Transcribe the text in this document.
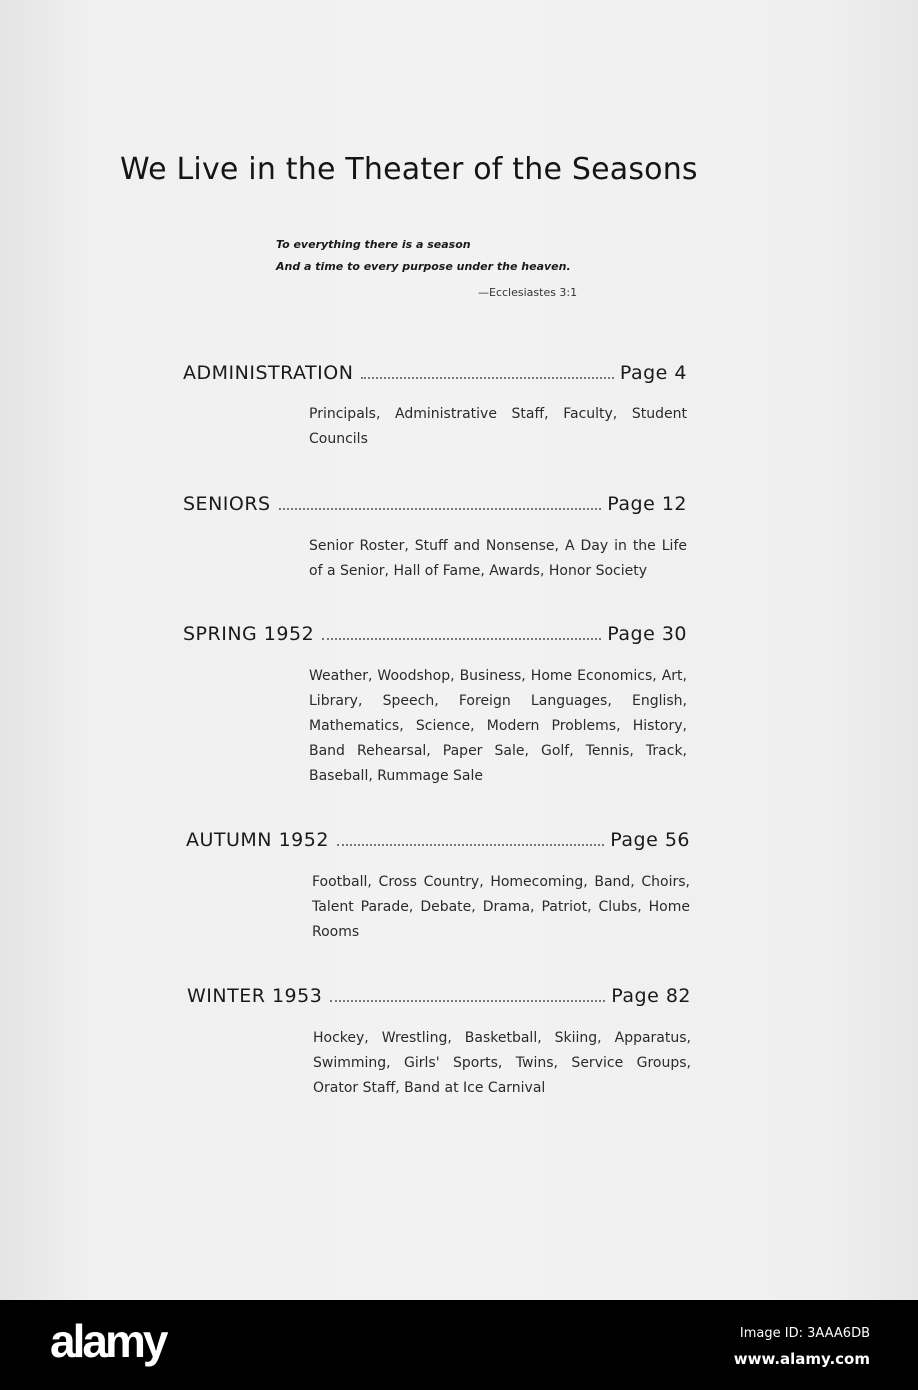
We Live in the Theater of the Seasons
To everything there is a season
And a time to every purpose under the heaven.
—Ecclesiastes 3:1
ADMINISTRATION	Page 4
Principals, Administrative Staff, Faculty, Student Councils
SENIORS	Page 12
Senior Roster, Stuff and Nonsense, A Day in the Life of a Senior, Hall of Fame, Awards, Honor Society
SPRING 1952	Page 30
Weather, Woodshop, Business, Home Economics, Art, Library, Speech, Foreign Languages, English, Mathematics, Science, Modern Problems, History, Band Rehearsal, Paper Sale, Golf, Tennis, Track, Baseball, Rummage Sale
AUTUMN 1952	Page 56
Football, Cross Country, Homecoming, Band, Choirs, Talent Parade, Debate, Drama, Patriot, Clubs, Home Rooms
WINTER 1953	Page 82
Hockey, Wrestling, Basketball, Skiing, Apparatus, Swimming, Girls' Sports, Twins, Service Groups, Orator Staff, Band at Ice Carnival
alamy	Image ID: 3AAA6DB
www.alamy.com
